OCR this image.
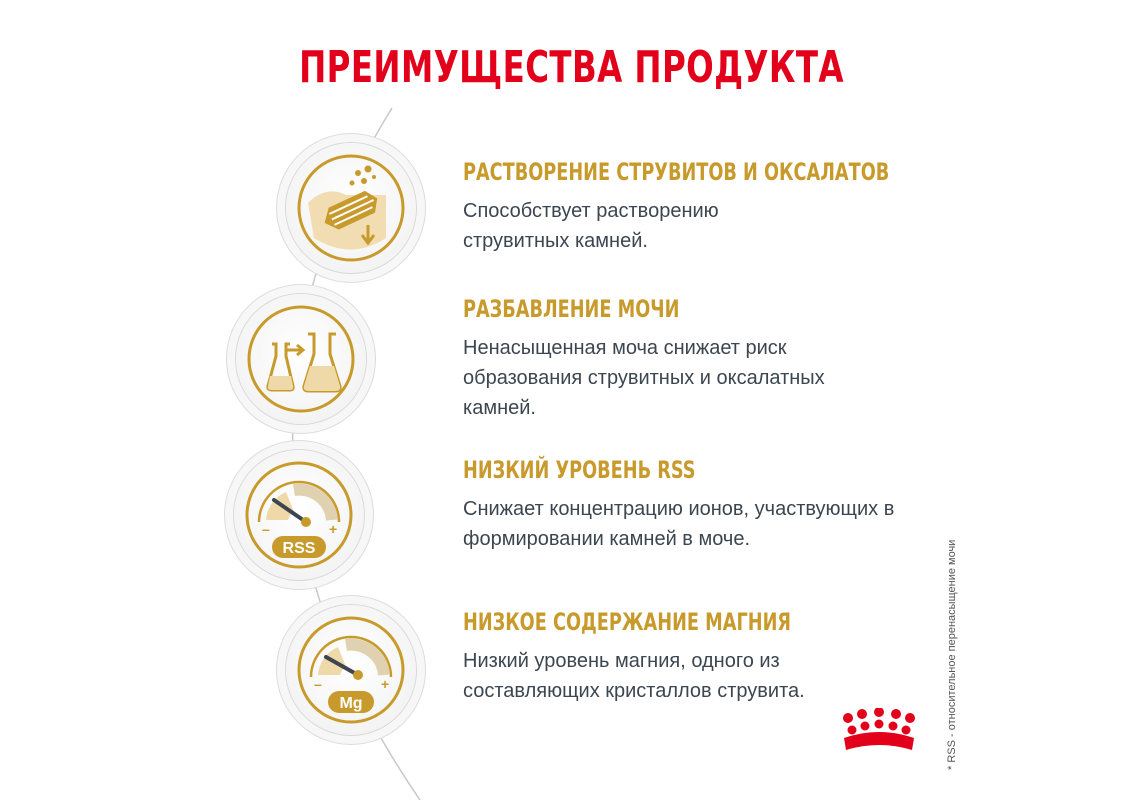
ПРЕИМУЩЕСТВА ПРОДУКТА
–	+
RSS
–	+
Mg
РАСТВОРЕНИЕ СТРУВИТОВ И ОКСАЛАТОВ
Способствует растворению струвитных камней.
РАЗБАВЛЕНИЕ МОЧИ
Ненасыщенная моча снижает риск образования струвитных и оксалатных камней.
НИЗКИЙ УРОВЕНЬ RSS
Снижает концентрацию ионов, участвующих в формировании камней в моче.
НИЗКОЕ СОДЕРЖАНИЕ МАГНИЯ
Низкий уровень магния, одного из составляющих кристаллов струвита.	* RSS - относительное перенасыщение мочи
